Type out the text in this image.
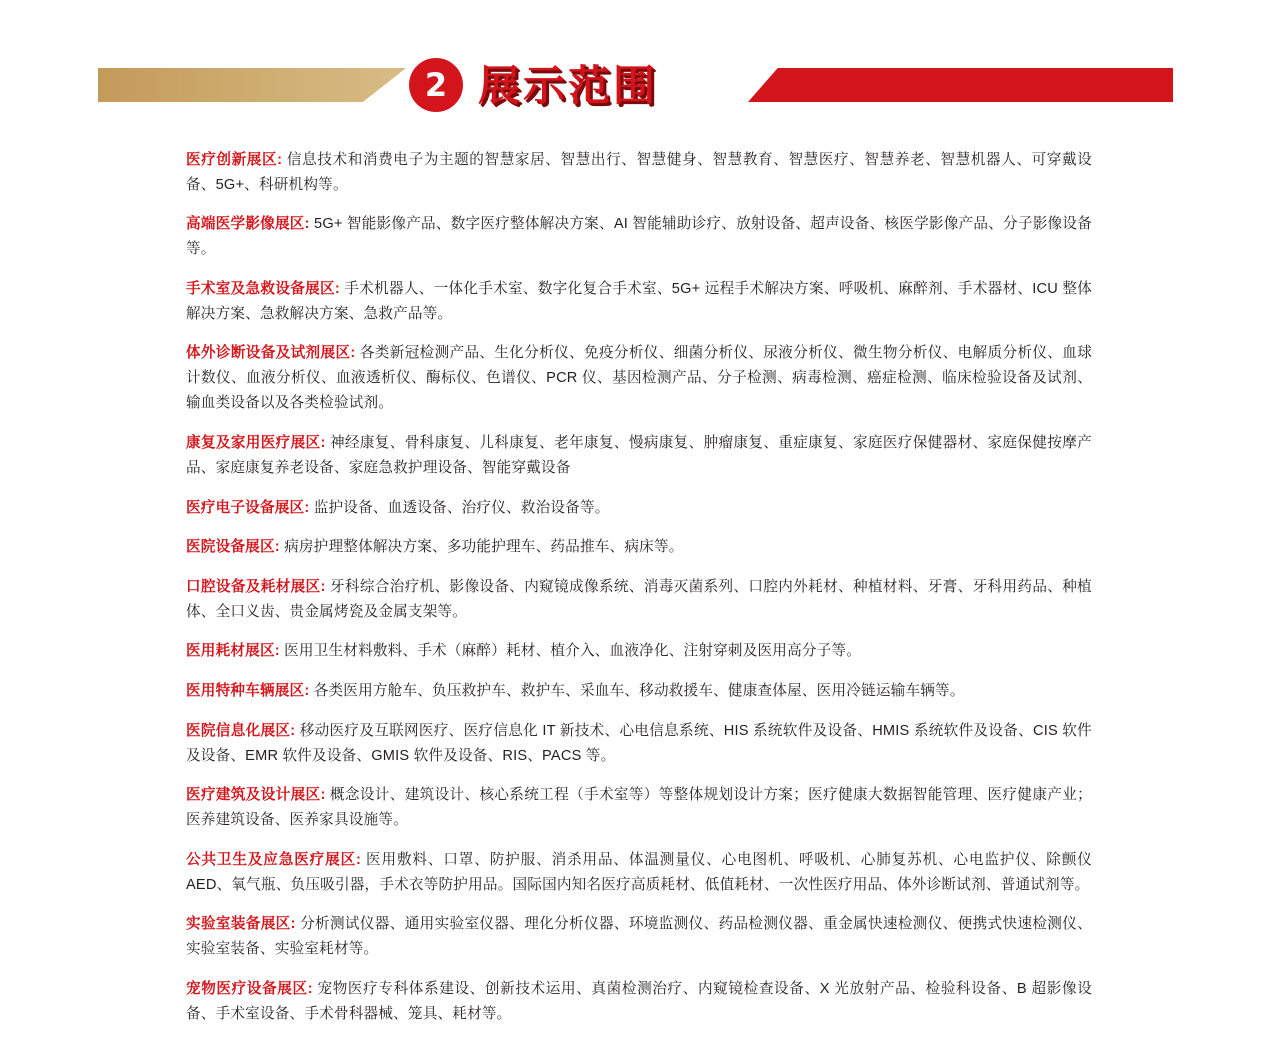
2 展示范围

医疗创新展区: 信息技术和消费电子为主题的智慧家居、智慧出行、智慧健身、智慧教育、智慧医疗、智慧养老、智慧机器人、可穿戴设备、5G+、科研机构等。

高端医学影像展区: 5G+ 智能影像产品、数字医疗整体解决方案、AI 智能辅助诊疗、放射设备、超声设备、核医学影像产品、分子影像设备等。

手术室及急救设备展区: 手术机器人、一体化手术室、数字化复合手术室、5G+ 远程手术解决方案、呼吸机、麻醉剂、手术器材、ICU 整体解决方案、急救解决方案、急救产品等。

体外诊断设备及试剂展区: 各类新冠检测产品、生化分析仪、免疫分析仪、细菌分析仪、尿液分析仪、微生物分析仪、电解质分析仪、血球计数仪、血液分析仪、血液透析仪、酶标仪、色谱仪、PCR 仪、基因检测产品、分子检测、病毒检测、癌症检测、临床检验设备及试剂、输血类设备以及各类检验试剂。

康复及家用医疗展区: 神经康复、骨科康复、儿科康复、老年康复、慢病康复、肿瘤康复、重症康复、家庭医疗保健器材、家庭保健按摩产品、家庭康复养老设备、家庭急救护理设备、智能穿戴设备

医疗电子设备展区: 监护设备、血透设备、治疗仪、救治设备等。

医院设备展区: 病房护理整体解决方案、多功能护理车、药品推车、病床等。

口腔设备及耗材展区: 牙科综合治疗机、影像设备、内窥镜成像系统、消毒灭菌系列、口腔内外耗材、种植材料、牙膏、牙科用药品、种植体、全口义齿、贵金属烤瓷及金属支架等。

医用耗材展区: 医用卫生材料敷料、手术（麻醉）耗材、植介入、血液净化、注射穿刺及医用高分子等。

医用特种车辆展区: 各类医用方舱车、负压救护车、救护车、采血车、移动救援车、健康查体屋、医用冷链运输车辆等。

医院信息化展区: 移动医疗及互联网医疗、医疗信息化 IT 新技术、心电信息系统、HIS 系统软件及设备、HMIS 系统软件及设备、CIS 软件及设备、EMR 软件及设备、GMIS 软件及设备、RIS、PACS 等。

医疗建筑及设计展区: 概念设计、建筑设计、核心系统工程（手术室等）等整体规划设计方案；医疗健康大数据智能管理、医疗健康产业；医养建筑设备、医养家具设施等。

公共卫生及应急医疗展区: 医用敷料、口罩、防护服、消杀用品、体温测量仪、心电图机、呼吸机、心肺复苏机、心电监护仪、除颤仪 AED、氧气瓶、负压吸引器，手术衣等防护用品。国际国内知名医疗高质耗材、低值耗材、一次性医疗用品、体外诊断试剂、普通试剂等。

实验室装备展区: 分析测试仪器、通用实验室仪器、理化分析仪器、环境监测仪、药品检测仪器、重金属快速检测仪、便携式快速检测仪、实验室装备、实验室耗材等。

宠物医疗设备展区: 宠物医疗专科体系建设、创新技术运用、真菌检测治疗、内窥镜检查设备、X 光放射产品、检验科设备、B 超影像设备、手术室设备、手术骨科器械、笼具、耗材等。
